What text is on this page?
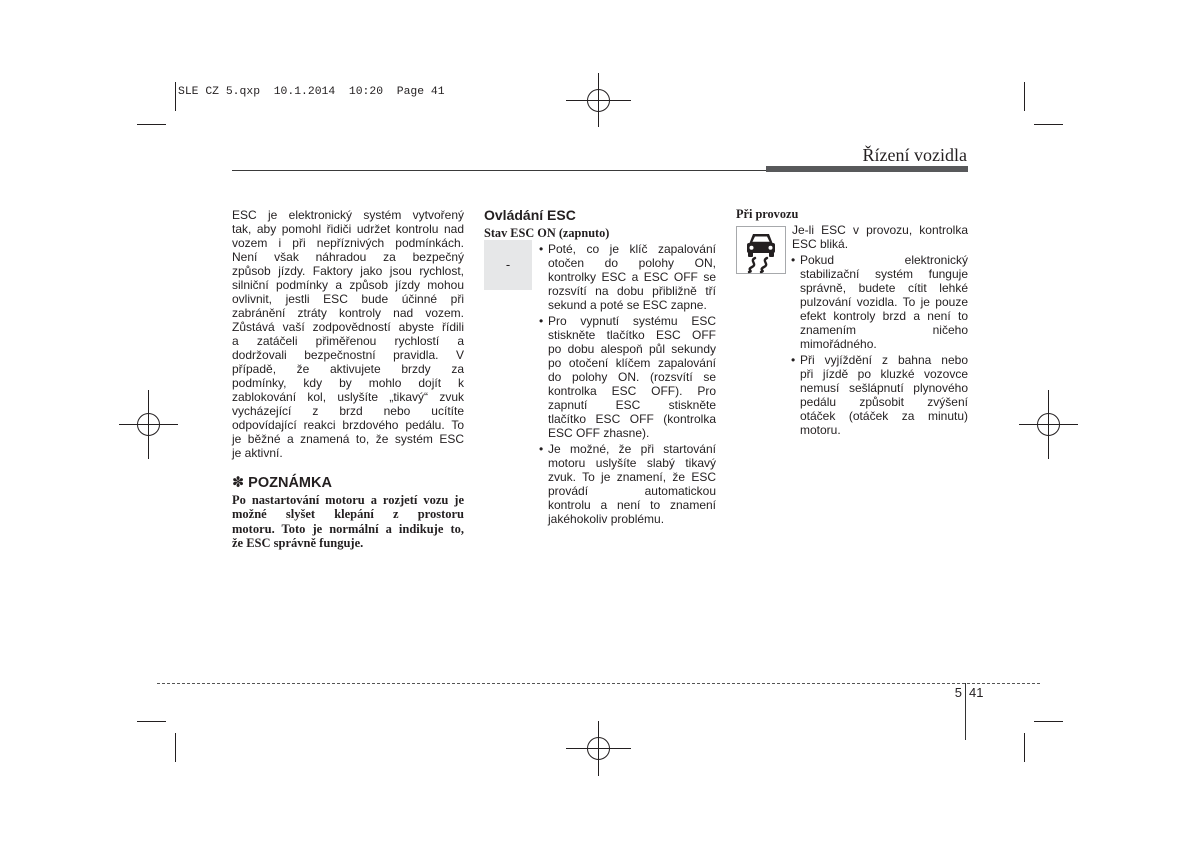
SLE CZ 5.qxp  10.1.2014  10:20  Page 41
Řízení vozidla
ESC je elektronický systém vytvořený
tak, aby pomohl řidiči udržet kontrolu nad
vozem i při nepříznivých podmínkách.
Není však náhradou za bezpečný
způsob jízdy. Faktory jako jsou rychlost,
silniční podmínky a způsob jízdy mohou
ovlivnit, jestli ESC bude účinné při
zabránění ztráty kontroly nad vozem.
Zůstává vaší zodpovědností abyste řídili
a zatáčeli přiměřenou rychlostí a
dodržovali bezpečnostní pravidla. V
případě, že aktivujete brzdy za
podmínky, kdy by mohlo dojít k
zablokování kol, uslyšíte „tikavý“ zvuk
vycházející z brzd nebo ucítíte
odpovídající reakci brzdového pedálu. To
je běžné a znamená to, že systém ESC
je aktivní.
✽ POZNÁMKA
Po nastartování motoru a rozjetí vozu je
možné slyšet klepání z prostoru
motoru. Toto je normální a indikuje to,
že ESC správně funguje.
Ovládání ESC
Stav ESC ON (zapnuto)
-
• Poté, co je klíč zapalování
otočen do polohy ON,
kontrolky ESC a ESC OFF se
rozsvítí na dobu přibližně tří
sekund a poté se ESC zapne.
• Pro vypnutí systému ESC
stiskněte tlačítko ESC OFF
po dobu alespoň půl sekundy
po otočení klíčem zapalování
do polohy ON. (rozsvítí se
kontrolka ESC OFF). Pro
zapnutí ESC stiskněte
tlačítko ESC OFF (kontrolka
ESC OFF zhasne).
• Je možné, že při startování
motoru uslyšíte slabý tikavý
zvuk. To je znamení, že ESC
provádí automatickou
kontrolu a není to znamení
jakéhokoliv problému.
Při provozu
Je-li ESC v provozu, kontrolka
ESC bliká.
• Pokud elektronický
stabilizační systém funguje
správně, budete cítit lehké
pulzování vozidla. To je pouze
efekt kontroly brzd a není to
znamením ničeho
mimořádného.
• Při vyjíždění z bahna nebo
při jízdě po kluzké vozovce
nemusí sešlápnutí plynového
pedálu způsobit zvýšení
otáček (otáček za minutu)
motoru.
5 41
